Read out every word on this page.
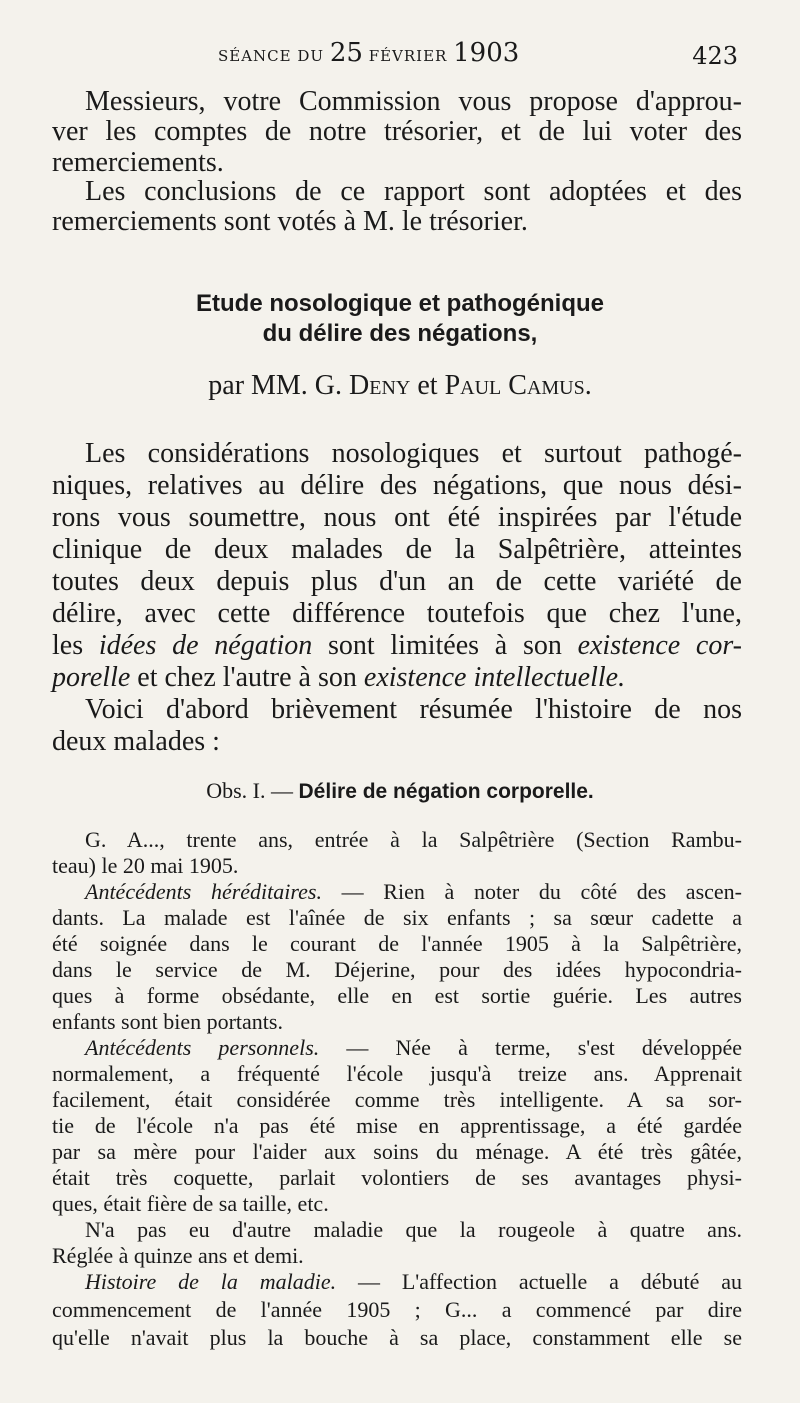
SÉANCE DU 25 FÉVRIER 1903	423
Messieurs, votre Commission vous propose d'approu-
ver les comptes de notre trésorier, et de lui voter des
remerciements.
Les conclusions de ce rapport sont adoptées et des
remerciements sont votés à M. le trésorier.
Etude nosologique et pathogénique
du délire des négations,
par MM. G. Deny et Paul Camus.
Les considérations nosologiques et surtout pathogé-
niques, relatives au délire des négations, que nous dési-
rons vous soumettre, nous ont été inspirées par l'étude
clinique de deux malades de la Salpêtrière, atteintes
toutes deux depuis plus d'un an de cette variété de
délire, avec cette différence toutefois que chez l'une,
les idées de négation sont limitées à son existence cor-
porelle et chez l'autre à son existence intellectuelle.
Voici d'abord brièvement résumée l'histoire de nos
deux malades :
Obs. I. — Délire de négation corporelle.
G. A..., trente ans, entrée à la Salpêtrière (Section Rambu-
teau) le 20 mai 1905.
Antécédents héréditaires. — Rien à noter du côté des ascen-
dants. La malade est l'aînée de six enfants ; sa sœur cadette a
été soignée dans le courant de l'année 1905 à la Salpêtrière,
dans le service de M. Déjerine, pour des idées hypocondria-
ques à forme obsédante, elle en est sortie guérie. Les autres
enfants sont bien portants.
Antécédents personnels. — Née à terme, s'est développée
normalement, a fréquenté l'école jusqu'à treize ans. Apprenait
facilement, était considérée comme très intelligente. A sa sor-
tie de l'école n'a pas été mise en apprentissage, a été gardée
par sa mère pour l'aider aux soins du ménage. A été très gâtée,
était très coquette, parlait volontiers de ses avantages physi-
ques, était fière de sa taille, etc.
N'a pas eu d'autre maladie que la rougeole à quatre ans.
Réglée à quinze ans et demi.
Histoire de la maladie. — L'affection actuelle a débuté au
commencement de l'année 1905 ; G... a commencé par dire
qu'elle n'avait plus la bouche à sa place, constamment elle se
